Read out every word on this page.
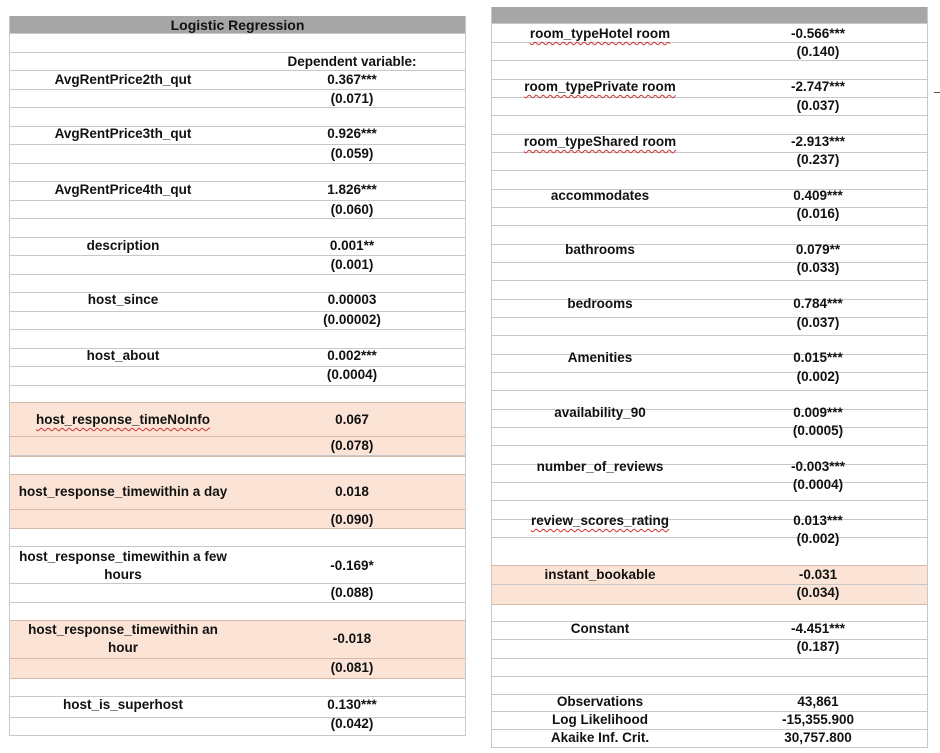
Logistic Regression
Dependent variable:
AvgRentPrice2th_qut	0.367***
(0.071)
AvgRentPrice3th_qut	0.926***
(0.059)
AvgRentPrice4th_qut	1.826***
(0.060)
description	0.001**
(0.001)
host_since	0.00003
(0.00002)
host_about	0.002***
(0.0004)
host_response_timeNoInfo	0.067
(0.078)
host_response_timewithin a day	0.018
(0.090)
host_response_timewithin a few hours
-0.169*
(0.088)
host_response_timewithin an hour
-0.018
(0.081)
host_is_superhost	0.130***
(0.042)
room_typeHotel room	-0.566***
(0.140)
room_typePrivate room	-2.747***
(0.037)
room_typeShared room	-2.913***
(0.237)
accommodates	0.409***
(0.016)
bathrooms	0.079**
(0.033)
bedrooms	0.784***
(0.037)
Amenities	0.015***
(0.002)
availability_90	0.009***
(0.0005)
number_of_reviews	-0.003***
(0.0004)
review_scores_rating	0.013***
(0.002)
instant_bookable	-0.031
(0.034)
Constant	-4.451***
(0.187)
Observations	43,861
Log Likelihood	-15,355.900
Akaike Inf. Crit.	30,757.800
